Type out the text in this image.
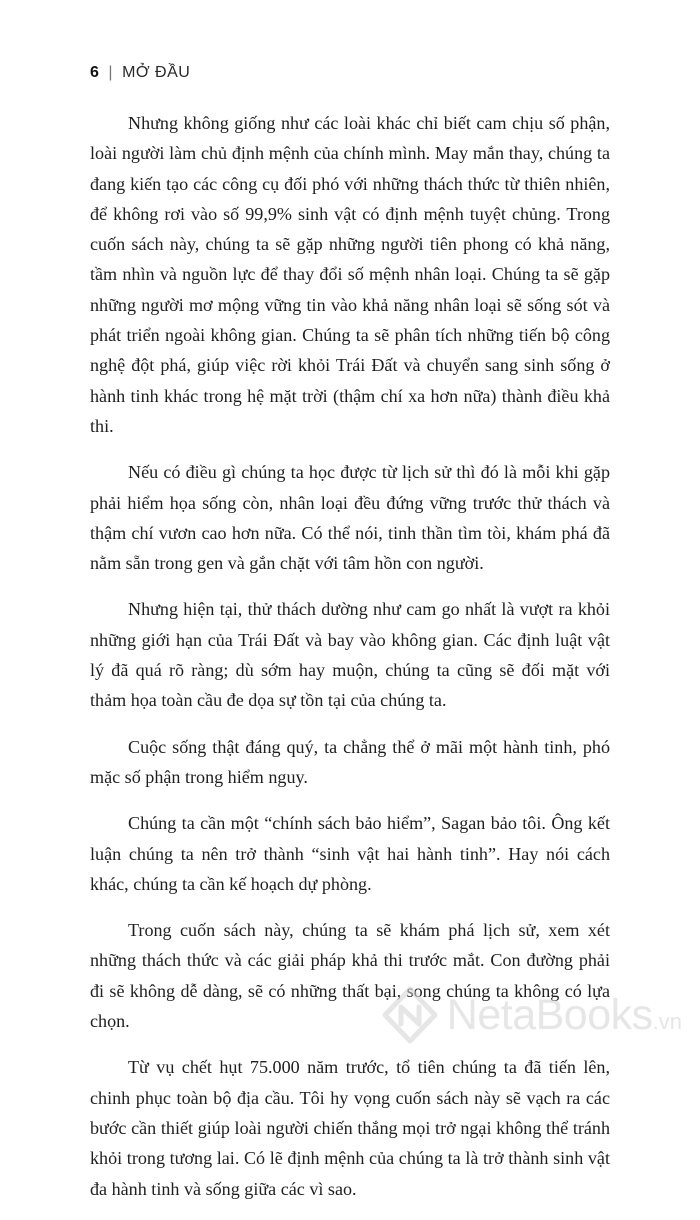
6 | MỞ ĐẦU

Nhưng không giống như các loài khác chỉ biết cam chịu số phận, loài người làm chủ định mệnh của chính mình. May mắn thay, chúng ta đang kiến tạo các công cụ đối phó với những thách thức từ thiên nhiên, để không rơi vào số 99,9% sinh vật có định mệnh tuyệt chủng. Trong cuốn sách này, chúng ta sẽ gặp những người tiên phong có khả năng, tầm nhìn và nguồn lực để thay đổi số mệnh nhân loại. Chúng ta sẽ gặp những người mơ mộng vững tin vào khả năng nhân loại sẽ sống sót và phát triển ngoài không gian. Chúng ta sẽ phân tích những tiến bộ công nghệ đột phá, giúp việc rời khỏi Trái Đất và chuyển sang sinh sống ở hành tinh khác trong hệ mặt trời (thậm chí xa hơn nữa) thành điều khả thi.

Nếu có điều gì chúng ta học được từ lịch sử thì đó là mỗi khi gặp phải hiểm họa sống còn, nhân loại đều đứng vững trước thử thách và thậm chí vươn cao hơn nữa. Có thể nói, tinh thần tìm tòi, khám phá đã nằm sẵn trong gen và gắn chặt với tâm hồn con người.

Nhưng hiện tại, thử thách dường như cam go nhất là vượt ra khỏi những giới hạn của Trái Đất và bay vào không gian. Các định luật vật lý đã quá rõ ràng; dù sớm hay muộn, chúng ta cũng sẽ đối mặt với thảm họa toàn cầu đe dọa sự tồn tại của chúng ta.

Cuộc sống thật đáng quý, ta chẳng thể ở mãi một hành tinh, phó mặc số phận trong hiểm nguy.

Chúng ta cần một “chính sách bảo hiểm”, Sagan bảo tôi. Ông kết luận chúng ta nên trở thành “sinh vật hai hành tinh”. Hay nói cách khác, chúng ta cần kế hoạch dự phòng.

Trong cuốn sách này, chúng ta sẽ khám phá lịch sử, xem xét những thách thức và các giải pháp khả thi trước mắt. Con đường phải đi sẽ không dễ dàng, sẽ có những thất bại, song chúng ta không có lựa chọn.

Từ vụ chết hụt 75.000 năm trước, tổ tiên chúng ta đã tiến lên, chinh phục toàn bộ địa cầu. Tôi hy vọng cuốn sách này sẽ vạch ra các bước cần thiết giúp loài người chiến thắng mọi trở ngại không thể tránh khỏi trong tương lai. Có lẽ định mệnh của chúng ta là trở thành sinh vật đa hành tinh và sống giữa các vì sao.

NetaBooks.vn
